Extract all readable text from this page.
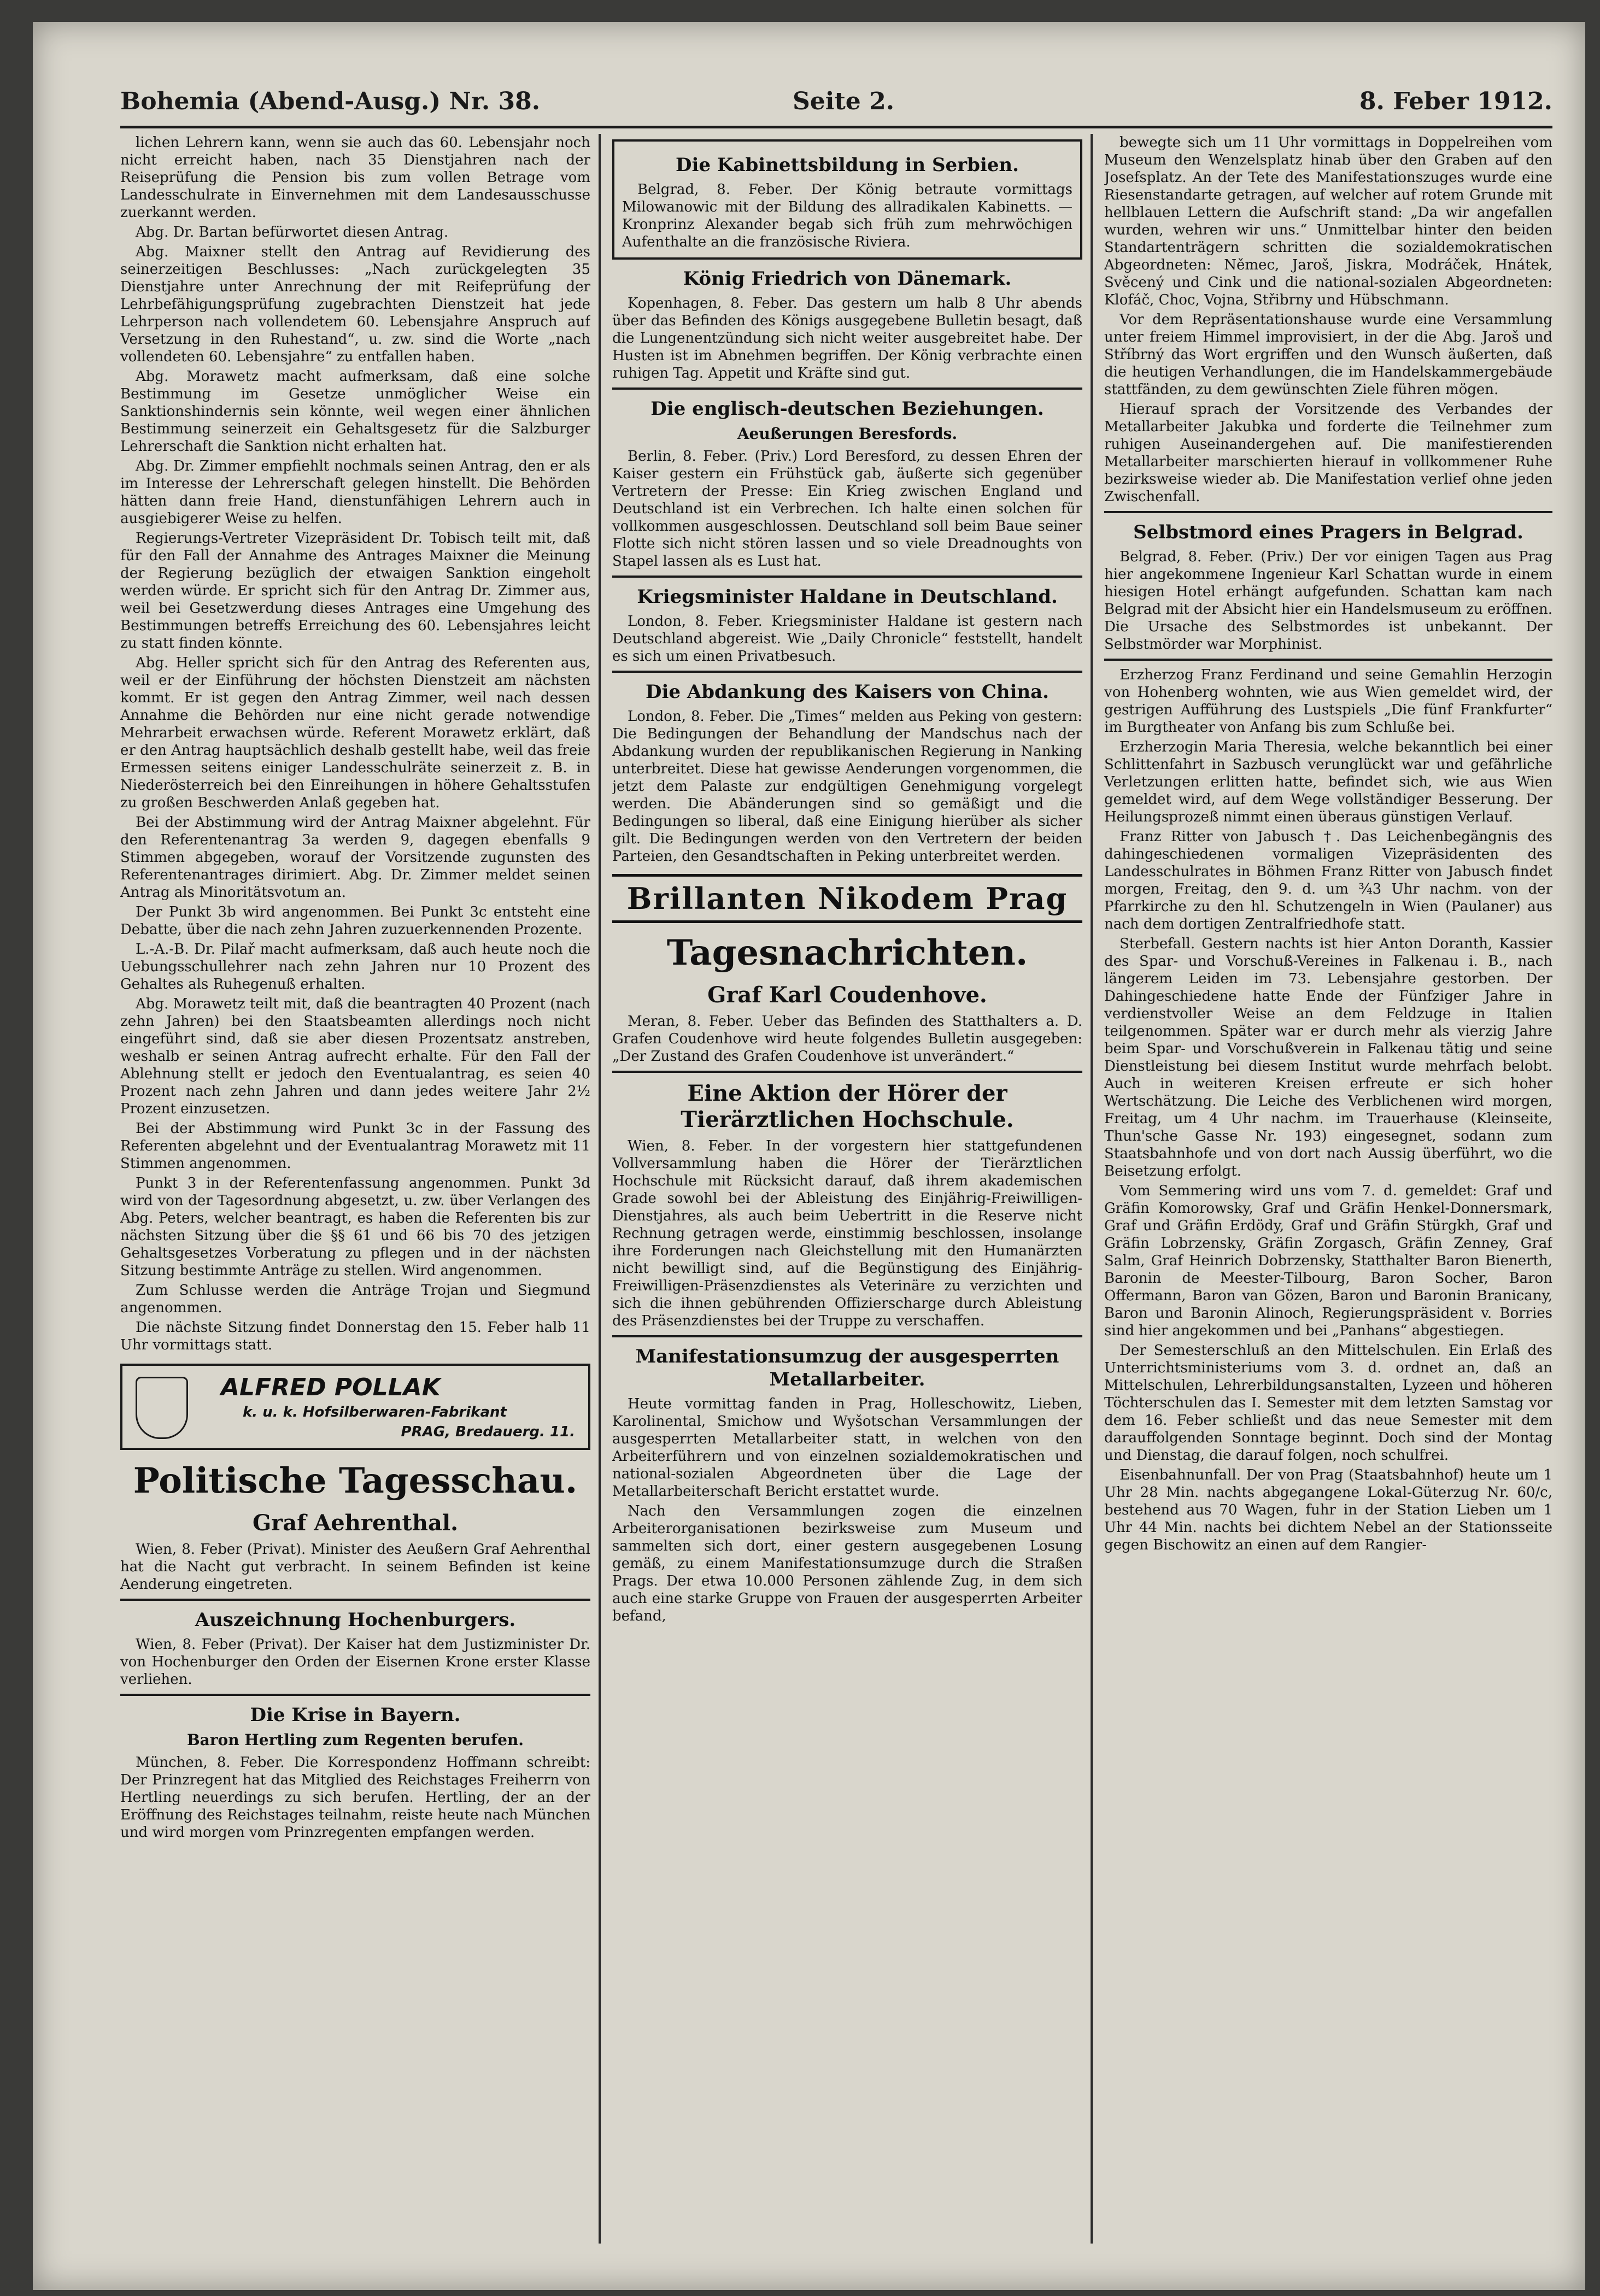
Bohemia (Abend-Ausg.) Nr. 38.	Seite 2.	8. Feber 1912.

lichen Lehrern kann, wenn sie auch das 60. Lebensjahr noch nicht erreicht haben, nach 35 Dienstjahren nach der Reiseprüfung die Pension bis zum vollen Betrage vom Landesschulrate in Einvernehmen mit dem Landesausschusse zuerkannt werden.

Abg. Dr. Bartan befürwortet diesen Antrag.

Abg. Maixner stellt den Antrag auf Revidierung des seinerzeitigen Beschlusses: „Nach zurückgelegten 35 Dienstjahre unter Anrechnung der mit Reifeprüfung der Lehrbefähigungsprüfung zugebrachten Dienstzeit hat jede Lehrperson nach vollendetem 60. Lebensjahre Anspruch auf Versetzung in den Ruhestand“, u. zw. sind die Worte „nach vollendeten 60. Lebensjahre“ zu entfallen haben.

Abg. Morawetz macht aufmerksam, daß eine solche Bestimmung im Gesetze unmöglicher Weise ein Sanktionshindernis sein könnte, weil wegen einer ähnlichen Bestimmung seinerzeit ein Gehaltsgesetz für die Salzburger Lehrerschaft die Sanktion nicht erhalten hat.

Abg. Dr. Zimmer empfiehlt nochmals seinen Antrag, den er als im Interesse der Lehrerschaft gelegen hinstellt. Die Behörden hätten dann freie Hand, dienstunfähigen Lehrern auch in ausgiebigerer Weise zu helfen.

Regierungs-Vertreter Vizepräsident Dr. Tobisch teilt mit, daß für den Fall der Annahme des Antrages Maixner die Meinung der Regierung bezüglich der etwaigen Sanktion eingeholt werden würde. Er spricht sich für den Antrag Dr. Zimmer aus, weil bei Gesetzwerdung dieses Antrages eine Umgehung des Bestimmungen betreffs Erreichung des 60. Lebensjahres leicht zu statt finden könnte.

Abg. Heller spricht sich für den Antrag des Referenten aus, weil er der Einführung der höchsten Dienstzeit am nächsten kommt. Er ist gegen den Antrag Zimmer, weil nach dessen Annahme die Behörden nur eine nicht gerade notwendige Mehrarbeit erwachsen würde. Referent Morawetz erklärt, daß er den Antrag hauptsächlich deshalb gestellt habe, weil das freie Ermessen seitens einiger Landesschulräte seinerzeit z. B. in Niederösterreich bei den Einreihungen in höhere Gehaltsstufen zu großen Beschwerden Anlaß gegeben hat.

Bei der Abstimmung wird der Antrag Maixner abgelehnt. Für den Referentenantrag 3a werden 9, dagegen ebenfalls 9 Stimmen abgegeben, worauf der Vorsitzende zugunsten des Referentenantrages dirimiert. Abg. Dr. Zimmer meldet seinen Antrag als Minoritätsvotum an.

Der Punkt 3b wird angenommen. Bei Punkt 3c entsteht eine Debatte, über die nach zehn Jahren zuzuerkennenden Prozente.

L.-A.-B. Dr. Pilař macht aufmerksam, daß auch heute noch die Uebungsschullehrer nach zehn Jahren nur 10 Prozent des Gehaltes als Ruhegenuß erhalten.

Abg. Morawetz teilt mit, daß die beantragten 40 Prozent (nach zehn Jahren) bei den Staatsbeamten allerdings noch nicht eingeführt sind, daß sie aber diesen Prozentsatz anstreben, weshalb er seinen Antrag aufrecht erhalte. Für den Fall der Ablehnung stellt er jedoch den Eventualantrag, es seien 40 Prozent nach zehn Jahren und dann jedes weitere Jahr 2½ Prozent einzusetzen.

Bei der Abstimmung wird Punkt 3c in der Fassung des Referenten abgelehnt und der Eventualantrag Morawetz mit 11 Stimmen angenommen.

Punkt 3 in der Referentenfassung angenommen. Punkt 3d wird von der Tagesordnung abgesetzt, u. zw. über Verlangen des Abg. Peters, welcher beantragt, es haben die Referenten bis zur nächsten Sitzung über die §§ 61 und 66 bis 70 des jetzigen Gehaltsgesetzes Vorberatung zu pflegen und in der nächsten Sitzung bestimmte Anträge zu stellen. Wird angenommen.

Zum Schlusse werden die Anträge Trojan und Siegmund angenommen.

Die nächste Sitzung findet Donnerstag den 15. Feber halb 11 Uhr vormittags statt.

ALFRED POLLAK
k. u. k. Hofsilberwaren-Fabrikant
PRAG, Bredauerg. 11.
Politische Tagesschau.
Graf Aehrenthal.

Wien, 8. Feber (Privat). Minister des Aeußern Graf Aehrenthal hat die Nacht gut verbracht. In seinem Befinden ist keine Aenderung eingetreten.

Auszeichnung Hochenburgers.

Wien, 8. Feber (Privat). Der Kaiser hat dem Justizminister Dr. von Hochenburger den Orden der Eisernen Krone erster Klasse verliehen.

Die Krise in Bayern.
Baron Hertling zum Regenten berufen.

München, 8. Feber. Die Korrespondenz Hoffmann schreibt: Der Prinzregent hat das Mitglied des Reichstages Freiherrn von Hertling neuerdings zu sich berufen. Hertling, der an der Eröffnung des Reichstages teilnahm, reiste heute nach München und wird morgen vom Prinzregenten empfangen werden.

Die Kabinettsbildung in Serbien.

Belgrad, 8. Feber. Der König betraute vormittags Milowanowic mit der Bildung des allradikalen Kabinetts. — Kronprinz Alexander begab sich früh zum mehrwöchigen Aufenthalte an die französische Riviera.

König Friedrich von Dänemark.

Kopenhagen, 8. Feber. Das gestern um halb 8 Uhr abends über das Befinden des Königs ausgegebene Bulletin besagt, daß die Lungenentzündung sich nicht weiter ausgebreitet habe. Der Husten ist im Abnehmen begriffen. Der König verbrachte einen ruhigen Tag. Appetit und Kräfte sind gut.

Die englisch-deutschen Beziehungen.
Aeußerungen Beresfords.

Berlin, 8. Feber. (Priv.) Lord Beresford, zu dessen Ehren der Kaiser gestern ein Frühstück gab, äußerte sich gegenüber Vertretern der Presse: Ein Krieg zwischen England und Deutschland ist ein Verbrechen. Ich halte einen solchen für vollkommen ausgeschlossen. Deutschland soll beim Baue seiner Flotte sich nicht stören lassen und so viele Dreadnoughts von Stapel lassen als es Lust hat.

Kriegsminister Haldane in Deutschland.

London, 8. Feber. Kriegsminister Haldane ist gestern nach Deutschland abgereist. Wie „Daily Chronicle“ feststellt, handelt es sich um einen Privatbesuch.

Die Abdankung des Kaisers von China.

London, 8. Feber. Die „Times“ melden aus Peking von gestern: Die Bedingungen der Behandlung der Mandschus nach der Abdankung wurden der republikanischen Regierung in Nanking unterbreitet. Diese hat gewisse Aenderungen vorgenommen, die jetzt dem Palaste zur endgültigen Genehmigung vorgelegt werden. Die Abänderungen sind so gemäßigt und die Bedingungen so liberal, daß eine Einigung hierüber als sicher gilt. Die Bedingungen werden von den Vertretern der beiden Parteien, den Gesandtschaften in Peking unterbreitet werden.

Brillanten Nikodem Prag
Tagesnachrichten.
Graf Karl Coudenhove.

Meran, 8. Feber. Ueber das Befinden des Statthalters a. D. Grafen Coudenhove wird heute folgendes Bulletin ausgegeben: „Der Zustand des Grafen Coudenhove ist unverändert.“

Eine Aktion der Hörer der Tierärztlichen Hochschule.

Wien, 8. Feber. In der vorgestern hier stattgefundenen Vollversammlung haben die Hörer der Tierärztlichen Hochschule mit Rücksicht darauf, daß ihrem akademischen Grade sowohl bei der Ableistung des Einjährig-Freiwilligen-Dienstjahres, als auch beim Uebertritt in die Reserve nicht Rechnung getragen werde, einstimmig beschlossen, insolange ihre Forderungen nach Gleichstellung mit den Humanärzten nicht bewilligt sind, auf die Begünstigung des Einjährig-Freiwilligen-Präsenzdienstes als Veterinäre zu verzichten und sich die ihnen gebührenden Offizierscharge durch Ableistung des Präsenzdienstes bei der Truppe zu verschaffen.

Manifestationsumzug der ausgesperrten Metallarbeiter.

Heute vormittag fanden in Prag, Holleschowitz, Lieben, Karolinental, Smichow und Wyšotschan Versammlungen der ausgesperrten Metallarbeiter statt, in welchen von den Arbeiterführern und von einzelnen sozialdemokratischen und national-sozialen Abgeordneten über die Lage der Metallarbeiterschaft Bericht erstattet wurde.

Nach den Versammlungen zogen die einzelnen Arbeiterorganisationen bezirksweise zum Museum und sammelten sich dort, einer gestern ausgegebenen Losung gemäß, zu einem Manifestationsumzuge durch die Straßen Prags. Der etwa 10.000 Personen zählende Zug, in dem sich auch eine starke Gruppe von Frauen der ausgesperrten Arbeiter befand,

bewegte sich um 11 Uhr vormittags in Doppelreihen vom Museum den Wenzelsplatz hinab über den Graben auf den Josefsplatz. An der Tete des Manifestationszuges wurde eine Riesenstandarte getragen, auf welcher auf rotem Grunde mit hellblauen Lettern die Aufschrift stand: „Da wir angefallen wurden, wehren wir uns.“ Unmittelbar hinter den beiden Standartenträgern schritten die sozialdemokratischen Abgeordneten: Němec, Jaroš, Jiskra, Modráček, Hnátek, Svěcený und Cink und die national-sozialen Abgeordneten: Klofáč, Choc, Vojna, Střibrny und Hübschmann.

Vor dem Repräsentationshause wurde eine Versammlung unter freiem Himmel improvisiert, in der die Abg. Jaroš und Stříbrný das Wort ergriffen und den Wunsch äußerten, daß die heutigen Verhandlungen, die im Handelskammergebäude stattfänden, zu dem gewünschten Ziele führen mögen.

Hierauf sprach der Vorsitzende des Verbandes der Metallarbeiter Jakubka und forderte die Teilnehmer zum ruhigen Auseinandergehen auf. Die manifestierenden Metallarbeiter marschierten hierauf in vollkommener Ruhe bezirksweise wieder ab. Die Manifestation verlief ohne jeden Zwischenfall.

Selbstmord eines Pragers in Belgrad.

Belgrad, 8. Feber. (Priv.) Der vor einigen Tagen aus Prag hier angekommene Ingenieur Karl Schattan wurde in einem hiesigen Hotel erhängt aufgefunden. Schattan kam nach Belgrad mit der Absicht hier ein Handelsmuseum zu eröffnen. Die Ursache des Selbstmordes ist unbekannt. Der Selbstmörder war Morphinist.

Erzherzog Franz Ferdinand und seine Gemahlin Herzogin von Hohenberg wohnten, wie aus Wien gemeldet wird, der gestrigen Aufführung des Lustspiels „Die fünf Frankfurter“ im Burgtheater von Anfang bis zum Schluße bei.

Erzherzogin Maria Theresia, welche bekanntlich bei einer Schlittenfahrt in Sazbusch verunglückt war und gefährliche Verletzungen erlitten hatte, befindet sich, wie aus Wien gemeldet wird, auf dem Wege vollständiger Besserung. Der Heilungsprozeß nimmt einen überaus günstigen Verlauf.

Franz Ritter von Jabusch †. Das Leichenbegängnis des dahingeschiedenen vormaligen Vizepräsidenten des Landesschulrates in Böhmen Franz Ritter von Jabusch findet morgen, Freitag, den 9. d. um ¾3 Uhr nachm. von der Pfarrkirche zu den hl. Schutzengeln in Wien (Paulaner) aus nach dem dortigen Zentralfriedhofe statt.

Sterbefall. Gestern nachts ist hier Anton Doranth, Kassier des Spar- und Vorschuß-Vereines in Falkenau i. B., nach längerem Leiden im 73. Lebensjahre gestorben. Der Dahingeschiedene hatte Ende der Fünfziger Jahre in verdienstvoller Weise an dem Feldzuge in Italien teilgenommen. Später war er durch mehr als vierzig Jahre beim Spar- und Vorschußverein in Falkenau tätig und seine Dienstleistung bei diesem Institut wurde mehrfach belobt. Auch in weiteren Kreisen erfreute er sich hoher Wertschätzung. Die Leiche des Verblichenen wird morgen, Freitag, um 4 Uhr nachm. im Trauerhause (Kleinseite, Thun'sche Gasse Nr. 193) eingesegnet, sodann zum Staatsbahnhofe und von dort nach Aussig überführt, wo die Beisetzung erfolgt.

Vom Semmering wird uns vom 7. d. gemeldet: Graf und Gräfin Komorowsky, Graf und Gräfin Henkel-Donnersmark, Graf und Gräfin Erdödy, Graf und Gräfin Stürgkh, Graf und Gräfin Lobrzensky, Gräfin Zorgasch, Gräfin Zenney, Graf Salm, Graf Heinrich Dobrzensky, Statthalter Baron Bienerth, Baronin de Meester-Tilbourg, Baron Socher, Baron Offermann, Baron van Gözen, Baron und Baronin Branicany, Baron und Baronin Alinoch, Regierungspräsident v. Borries sind hier angekommen und bei „Panhans“ abgestiegen.

Der Semesterschluß an den Mittelschulen. Ein Erlaß des Unterrichtsministeriums vom 3. d. ordnet an, daß an Mittelschulen, Lehrerbildungsanstalten, Lyzeen und höheren Töchterschulen das I. Semester mit dem letzten Samstag vor dem 16. Feber schließt und das neue Semester mit dem darauffolgenden Sonntage beginnt. Doch sind der Montag und Dienstag, die darauf folgen, noch schulfrei.

Eisenbahnunfall. Der von Prag (Staatsbahnhof) heute um 1 Uhr 28 Min. nachts abgegangene Lokal-Güterzug Nr. 60/c, bestehend aus 70 Wagen, fuhr in der Station Lieben um 1 Uhr 44 Min. nachts bei dichtem Nebel an der Stationsseite gegen Bischowitz an einen auf dem Rangier-
